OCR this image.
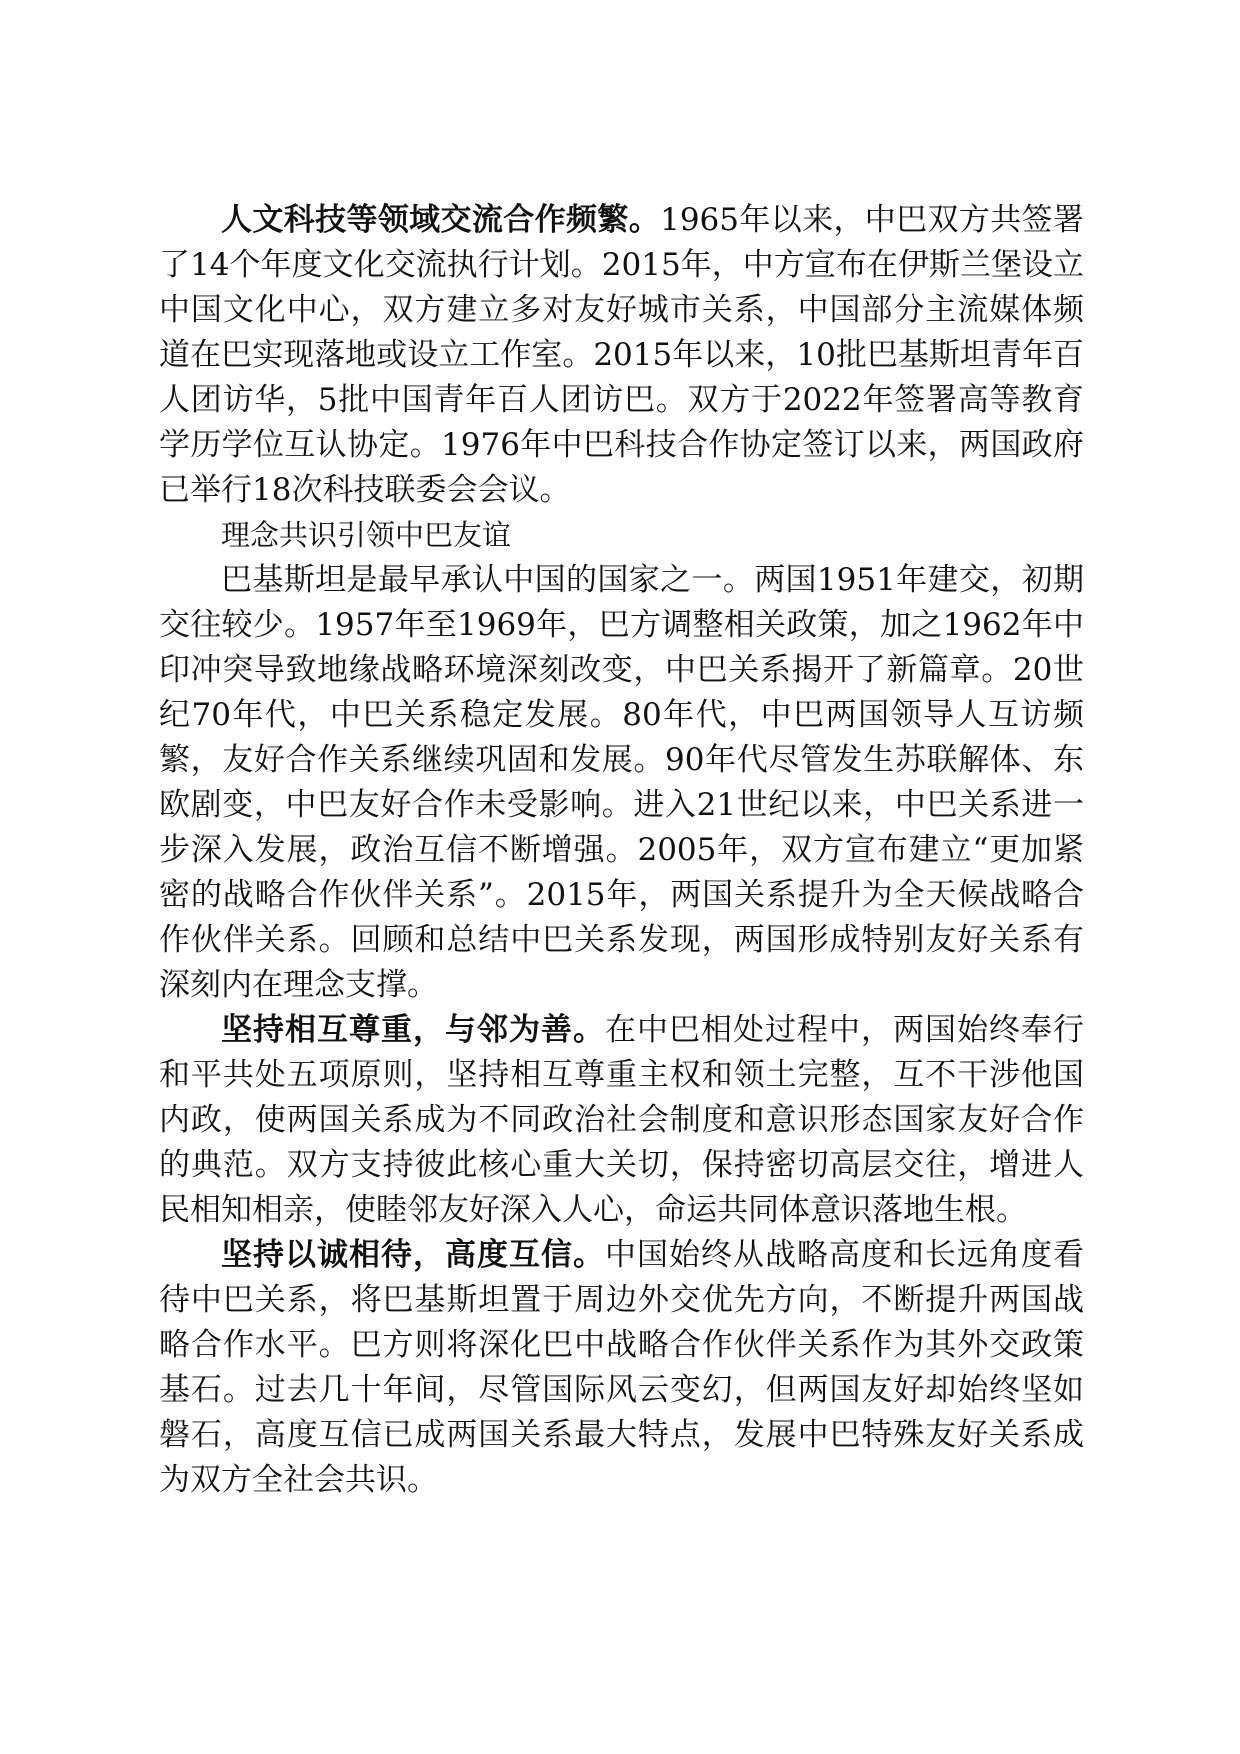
人文科技等领域交流合作频繁。1965年以来，中巴双方共签署了14个年度文化交流执行计划。2015年，中方宣布在伊斯兰堡设立中国文化中心，双方建立多对友好城市关系，中国部分主流媒体频道在巴实现落地或设立工作室。2015年以来，10批巴基斯坦青年百人团访华，5批中国青年百人团访巴。双方于2022年签署高等教育学历学位互认协定。1976年中巴科技合作协定签订以来，两国政府已举行18次科技联委会会议。

理念共识引领中巴友谊

巴基斯坦是最早承认中国的国家之一。两国1951年建交，初期交往较少。1957年至1969年，巴方调整相关政策，加之1962年中印冲突导致地缘战略环境深刻改变，中巴关系揭开了新篇章。20世纪70年代，中巴关系稳定发展。80年代，中巴两国领导人互访频繁，友好合作关系继续巩固和发展。90年代尽管发生苏联解体、东欧剧变，中巴友好合作未受影响。进入21世纪以来，中巴关系进一步深入发展，政治互信不断增强。2005年，双方宣布建立“更加紧密的战略合作伙伴关系”。2015年，两国关系提升为全天候战略合作伙伴关系。回顾和总结中巴关系发现，两国形成特别友好关系有深刻内在理念支撑。

坚持相互尊重，与邻为善。在中巴相处过程中，两国始终奉行和平共处五项原则，坚持相互尊重主权和领土完整，互不干涉他国内政，使两国关系成为不同政治社会制度和意识形态国家友好合作的典范。双方支持彼此核心重大关切，保持密切高层交往，增进人民相知相亲，使睦邻友好深入人心，命运共同体意识落地生根。

坚持以诚相待，高度互信。中国始终从战略高度和长远角度看待中巴关系，将巴基斯坦置于周边外交优先方向，不断提升两国战略合作水平。巴方则将深化巴中战略合作伙伴关系作为其外交政策基石。过去几十年间，尽管国际风云变幻，但两国友好却始终坚如磐石，高度互信已成两国关系最大特点，发展中巴特殊友好关系成为双方全社会共识。
